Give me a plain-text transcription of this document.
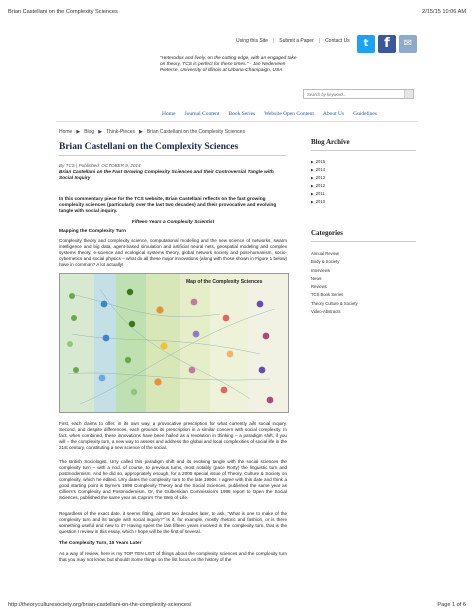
Brian Castellani on the Complexity Sciences	2/15/15 10:06 AM
Using this Site | Submit a Paper | Contact Us	t	f	✉
"Heterodox and lively, on the cutting edge, with an engaged take on theory, TCS is perfect for these times." - Jan Nederveen Pieterse, University of Illinois at Urbana-Champaign, USA
Search by keyword...
Home Journal Content Book Series Website Open Content About Us Guidelines
Home ▶ Blog ▶ Think-Pieces ▶ Brian Castellani on the Complexity Sciences
Brian Castellani on the Complexity Sciences
By TCS | Published: OCTOBER 9, 2014
Brian Castellani on the Fast Growing Complexity Sciences and their Controversial Tangle with Social Inquiry
In this commentary piece for the TCS website, Brian Castellani reflects on the fast growing complexity sciences (particularly over the last two decades) and their provocative and evolving tangle with social inquiry.
Fifteen Years a Complexity Scientist
Mapping the Complexity Turn
Complexity theory and complexity science, computational modeling and the new science of networks, swarm intelligence and big data, agent-based simulation and artificial neural nets, geospatial modeling and complex systems theory, e-science and ecological systems theory, global network society and post-humanism, socio-cybernetics and social physics – what do all these major innovations (along with those shown in Figure 1 below) have in common? A lot actually!
Map of the Complexity Sciences
First, each claims to offer, in its own way, a provocative prescription for what currently ails social inquiry. Second, and despite differences, each grounds its prescription in a similar concern with social complexity. In fact, when combined, these innovations have been hailed as a revolution in thinking – a paradigm shift, if you will – the complexity turn, a new way to assess and address the global and local complexities of social life in the 21st century, constituting a new science of the social.
The British Sociologist, Urry called this paradigm shift and its evolving tangle with the social sciences the complexity turn – with a nod, of course, to previous turns, most notably (pace Rorty) the linguistic turn and postmodernism. And he did so, appropriately enough, for a 2005 special issue of Theory, Culture & Society on complexity, which he edited. Urry dates the complexity turn to the late 1990s. I agree with this date and think a good starting point is Byrne's 1998 Complexity Theory and the Social Sciences, published the same year as Cilliers's Complexity and Postmodernism. Or, the Gulbenkian Commission's 1996 report to Open the Social Sciences, published the same year as Capra's The Web of Life.
Regardless of the exact date, it seems fitting, almost two decades later, to ask, "What is one to make of the complexity turn and its tangle with social inquiry?" Is it, for example, mostly rhetoric and fashion, or is there something useful and new to it? Having spent the last fifteen years involved in the complexity turn, that is the question I review in this essay, which I hope will be the first of several.
The Complexity Turn, 15 Years Later
As a way of review, here is my TOP TEN LIST of things about the complexity sciences and the complexity turn that you may not know, but should! Some things on the list focus on the history of the
Blog Archive
▶ 2015
▶ 2014
▶ 2013
▶ 2012
▶ 2011
▶ 2010
Categories
Annual Review
Body & Society
Interviews
News
Reviews
TCS Book Series
Theory Culture & Society
Video-Abstracts
http://theoryculturesociety.org/brian-castellani-on-the-complexity-sciences/	Page 1 of 6
